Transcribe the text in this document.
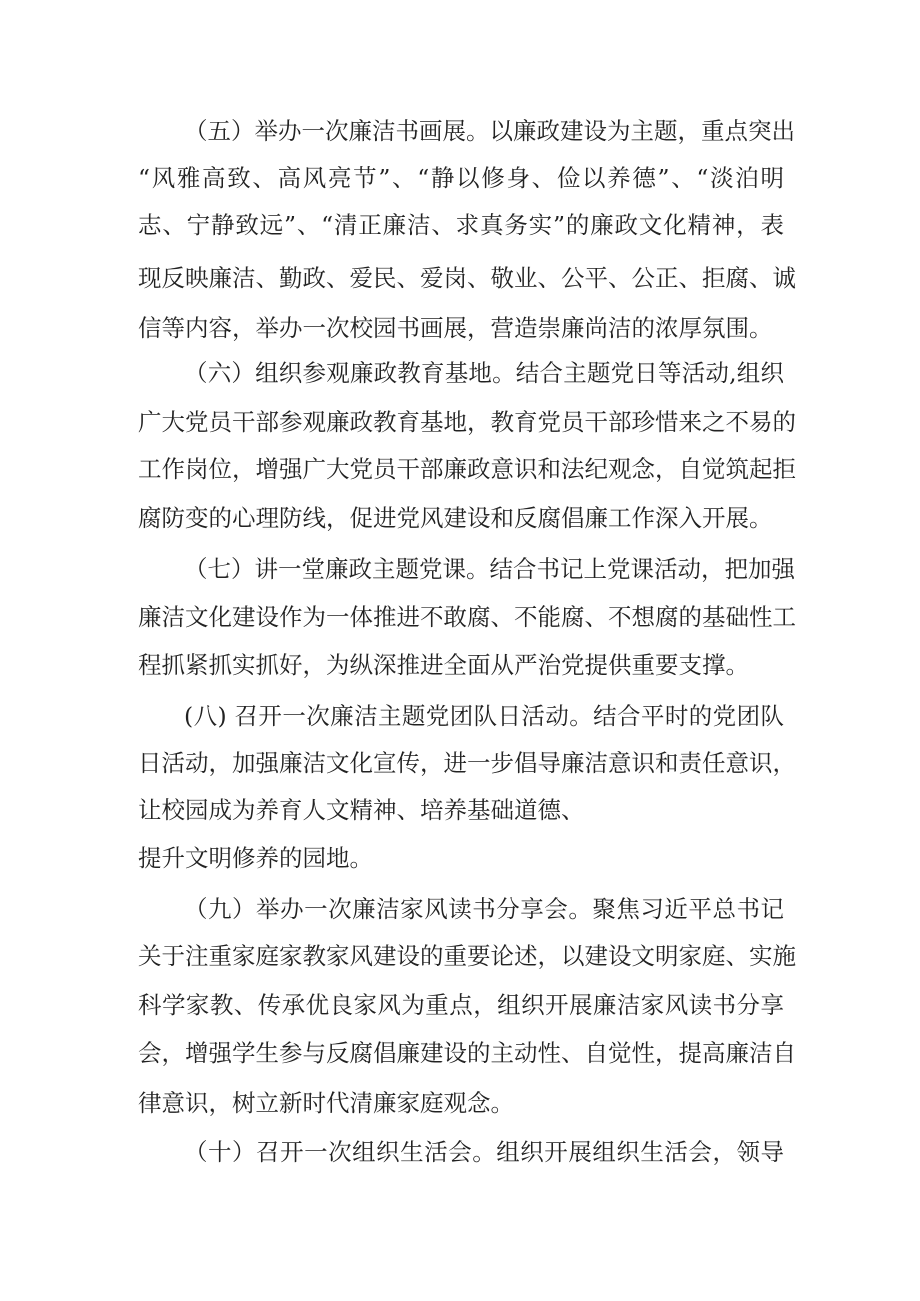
（五）举办一次廉洁书画展。以廉政建设为主题，重点突出
“风雅高致、高风亮节”、“静以修身、俭以养德”、“淡泊明
志、宁静致远”、“清正廉洁、求真务实”的廉政文化精神，表
现反映廉洁、勤政、爱民、爱岗、敬业、公平、公正、拒腐、诚
信等内容，举办一次校园书画展，营造崇廉尚洁的浓厚氛围。
（六）组织参观廉政教育基地。结合主题党日等活动,组织
广大党员干部参观廉政教育基地，教育党员干部珍惜来之不易的
工作岗位，增强广大党员干部廉政意识和法纪观念，自觉筑起拒
腐防变的心理防线，促进党风建设和反腐倡廉工作深入开展。
（七）讲一堂廉政主题党课。结合书记上党课活动，把加强
廉洁文化建设作为一体推进不敢腐、不能腐、不想腐的基础性工
程抓紧抓实抓好，为纵深推进全面从严治党提供重要支撑。
(八) 召开一次廉洁主题党团队日活动。结合平时的党团队
日活动，加强廉洁文化宣传，进一步倡导廉洁意识和责任意识，
让校园成为养育人文精神、培养基础道德、
提升文明修养的园地。
（九）举办一次廉洁家风读书分享会。聚焦习近平总书记
关于注重家庭家教家风建设的重要论述，以建设文明家庭、实施
科学家教、传承优良家风为重点，组织开展廉洁家风读书分享
会，增强学生参与反腐倡廉建设的主动性、自觉性，提高廉洁自
律意识，树立新时代清廉家庭观念。
（十）召开一次组织生活会。组织开展组织生活会，领导
